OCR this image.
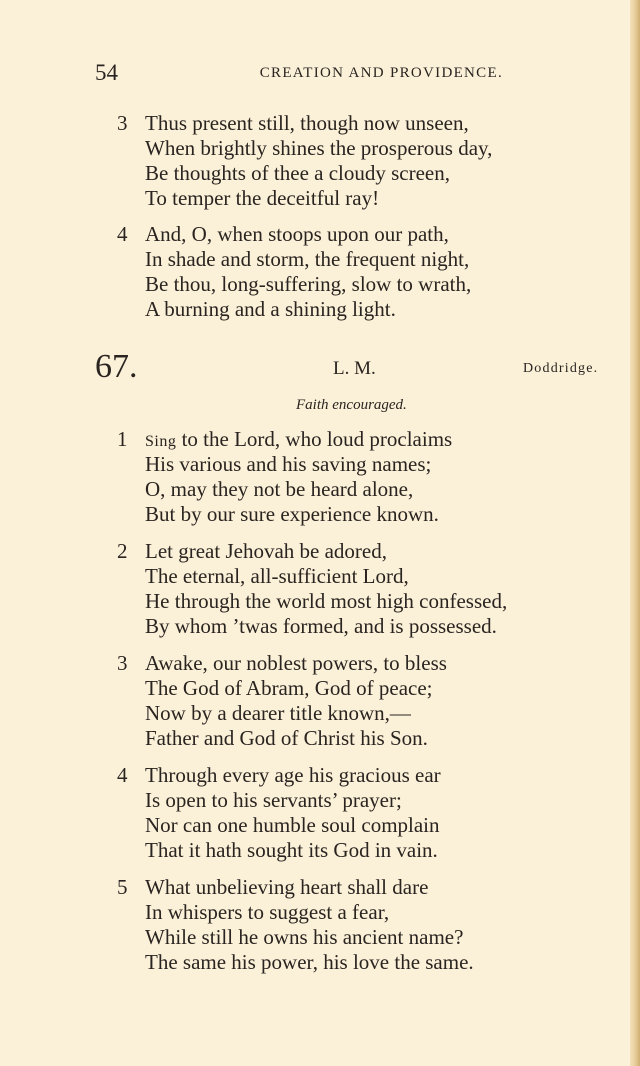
54	CREATION AND PROVIDENCE.
3 Thus present still, though now unseen,
When brightly shines the prosperous day,
Be thoughts of thee a cloudy screen,
To temper the deceitful ray!
4 And, O, when stoops upon our path,
In shade and storm, the frequent night,
Be thou, long-suffering, slow to wrath,
A burning and a shining light.
67.	L. M.	Doddridge.
Faith encouraged.
1 Sing to the Lord, who loud proclaims
His various and his saving names;
O, may they not be heard alone,
But by our sure experience known.
2 Let great Jehovah be adored,
The eternal, all-sufficient Lord,
He through the world most high confessed,
By whom ’twas formed, and is possessed.
3 Awake, our noblest powers, to bless
The God of Abram, God of peace;
Now by a dearer title known,—
Father and God of Christ his Son.
4 Through every age his gracious ear
Is open to his servants’ prayer;
Nor can one humble soul complain
That it hath sought its God in vain.
5 What unbelieving heart shall dare
In whispers to suggest a fear,
While still he owns his ancient name?
The same his power, his love the same.
